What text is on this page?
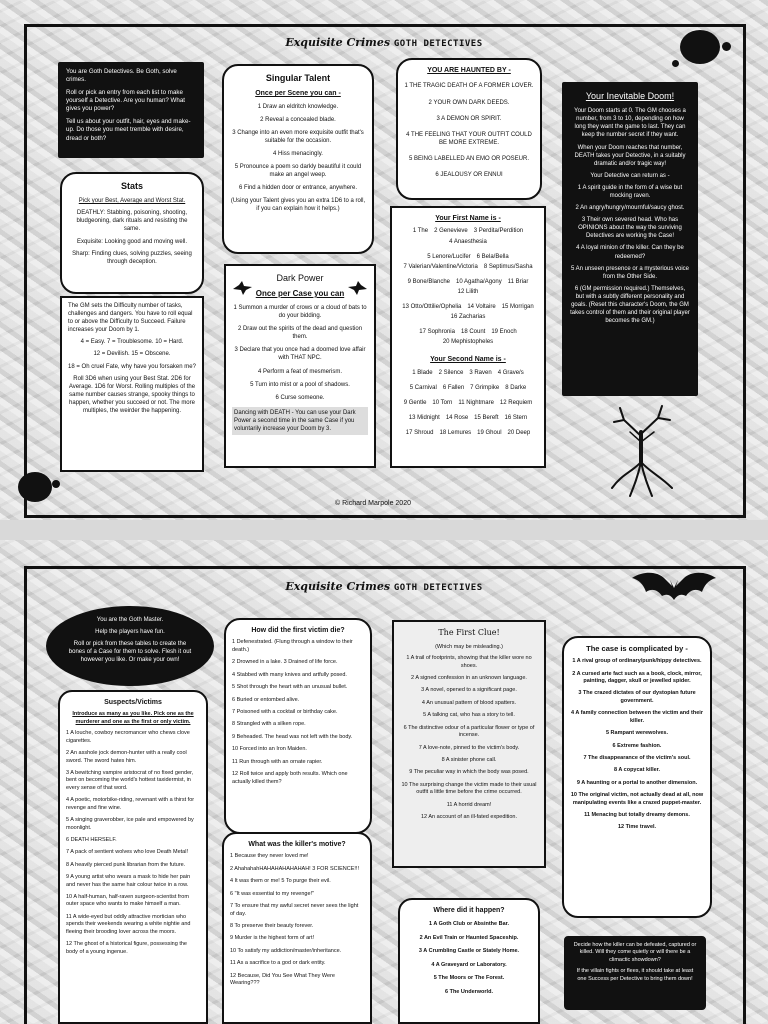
Exquisite Crimes GOTH DETECTIVES

You are Goth Detectives. Be Goth, solve crimes.

Roll or pick an entry from each list to make yourself a Detective. Are you human? What gives you power?

Tell us about your outfit, hair, eyes and make-up. Do those you meet tremble with desire, dread or both?

Stats

Pick your Best, Average and Worst Stat.

DEATHLY: Stabbing, poisoning, shooting, bludgeoning, dark rituals and resisting the same.

Exquisite: Looking good and moving well.

Sharp: Finding clues, solving puzzles, seeing through deception.

The GM sets the Difficulty number of tasks, challenges and dangers. You have to roll equal to or above the Difficulty to Succeed. Failure increases your Doom by 1.

4 = Easy. 7 = Troublesome. 10 = Hard.

12 = Devilish. 15 = Obscene.

18 = Oh cruel Fate, why have you forsaken me?

Roll 3D6 when using your Best Stat. 2D6 for Average. 1D6 for Worst. Rolling multiples of the same number causes strange, spooky things to happen, whether you succeed or not. The more multiples, the weirder the happening.

Singular Talent
Once per Scene you can -
1 Draw an eldritch knowledge.
2 Reveal a concealed blade.
3 Change into an even more exquisite outfit that's suitable for the occasion.
4 Hiss menacingly.
5 Pronounce a poem so darkly beautiful it could make an angel weep.
6 Find a hidden door or entrance, anywhere.
(Using your Talent gives you an extra 1D6 to a roll, if you can explain how it helps.)
Dark Power
Once per Case you can
1 Summon a murder of crows or a cloud of bats to do your bidding.
2 Draw out the spirits of the dead and question them.
3 Declare that you once had a doomed love affair with THAT NPC.
4 Perform a feat of mesmerism.
5 Turn into mist or a pool of shadows.
6 Curse someone.
Dancing with DEATH - You can use your Dark Power a second time in the same Case if you voluntarily increase your Doom by 3.
YOU ARE HAUNTED BY -
1 THE TRAGIC DEATH OF A FORMER LOVER.
2 YOUR OWN DARK DEEDS.
3 A DEMON OR SPIRIT.
4 THE FEELING THAT YOUR OUTFIT COULD BE MORE EXTREME.
5 BEING LABELLED AN EMO OR POSEUR.
6 JEALOUSY OR ENNUI
Your First Name is -
1 The 2 Genevieve 3 Perdita/Perdition
4 Anaesthesia
5 Lenore/Lucifer 6 Bela/Bella
7 Valerian/Valentine/Victoria 8 Septimus/Sasha
9 Bone/Blanche 10 Agatha/Agony 11 Briar
12 Lilith
13 Otto/Ottilie/Ophelia 14 Voltaire 15 Morrigan
16 Zacharias
17 Sophronia 18 Count 19 Enoch
20 Mephistopheles
Your Second Name is -
1 Blade 2 Silence 3 Raven 4 Grave/s
5 Carnival 6 Fallen 7 Grimpike 8 Darke
9 Gentle 10 Torn 11 Nightmare 12 Requiem
13 Midnight 14 Rose 15 Bereft 16 Stern
17 Shroud 18 Lemures 19 Ghoul 20 Deep
Your Inevitable Doom!

Your Doom starts at 0. The GM chooses a number, from 3 to 10, depending on how long they want the game to last. They can keep the number secret if they want.

When your Doom reaches that number, DEATH takes your Detective, in a suitably dramatic and/or tragic way!

Your Detective can return as -

1 A spirit guide in the form of a wise but mocking raven.

2 An angry/hungry/mournful/saucy ghost.

3 Their own severed head. Who has OPINIONS about the way the surviving Detectives are working the Case!

4 A loyal minion of the killer. Can they be redeemed?

5 An unseen presence or a mysterious voice from the Other Side.

6 (GM permission required.) Themselves, but with a subtly different personality and goals. (Reset this character's Doom, the GM takes control of them and their original player becomes the GM.)

© Richard Marpole 2020
Exquisite Crimes GOTH DETECTIVES

You are the Goth Master.

Help the players have fun.

Roll or pick from these tables to create the bones of a Case for them to solve. Flesh it out however you like. Or make your own!

Suspects/Victims

Introduce as many as you like. Pick one as the murderer and one as the first or only victim.

1 A louche, cowboy necromancer who chews clove cigarettes.
2 An asshole jock demon-hunter with a really cool sword. The sword hates him.
3 A bewitching vampire aristocrat of no fixed gender, bent on becoming the world's hottest taxidermist, in every sense of that word.
4 A poetic, motorbike-riding, revenant with a thirst for revenge and fine wine.
5 A singing graverobber, ice pale and empowered by moonlight.
6 DEATH HERSELF.
7 A pack of sentient wolves who love Death Metal!
8 A heavily pierced punk librarian from the future.
9 A young artist who wears a mask to hide her pain and never has the same hair colour twice in a row.
10 A half-human, half-raven surgeon-scientist from outer space who wants to make himself a man.
11 A wide-eyed but oddly attractive mortician who spends their weekends wearing a white nightie and fleeing their brooding lover across the moors.
12 The ghost of a historical figure, possessing the body of a young ingenue.
How did the first victim die?
1 Defenestrated. (Flung through a window to their death.)
2 Drowned in a lake. 3 Drained of life force.
4 Stabbed with many knives and artfully posed.
5 Shot through the heart with an unusual bullet.
6 Buried or entombed alive.
7 Poisoned with a cocktail or birthday cake.
8 Strangled with a silken rope.
9 Beheaded. The head was not left with the body.
10 Forced into an Iron Maiden.
11 Run through with an ornate rapier.
12 Roll twice and apply both results. Which one actually killed them?
What was the killer's motive?
1 Because they never loved me!
2 AhahahahHAHAHAHAHAHAH! 3 FOR SCIENCE!!!
4 It was them or me! 5 To purge their evil.
6 "It was essential to my revenge!"
7 To ensure that my awful secret never sees the light of day.
8 To preserve their beauty forever.
9 Murder is the highest form of art!
10 To satisfy my addiction/master/inheritance.
11 As a sacrifice to a god or dark entity.
12 Because, Did You See What They Were Wearing???
The First Clue!

(Which may be misleading.)

1 A trail of footprints, showing that the killer wore no shoes.
2 A signed confession in an unknown language.
3 A novel, opened to a significant page.
4 An unusual pattern of blood spatters.
5 A talking cat, who has a story to tell.
6 The distinctive odour of a particular flower or type of incense.
7 A love-note, pinned to the victim's body.
8 A sinister phone call.
9 The peculiar way in which the body was posed.
10 The surprising change the victim made to their usual outfit a little time before the crime occurred.
11 A horrid dream!
12 An account of an ill-fated expedition.
Where did it happen?
1 A Goth Club or Absinthe Bar.
2 An Evil Train or Haunted Spaceship.
3 A Crumbling Castle or Stately Home.
4 A Graveyard or Laboratory.
5 The Moors or The Forest.
6 The Underworld.
The case is complicated by -
1 A rival group of ordinary/punk/hippy detectives.
2 A cursed arte fact such as a book, clock, mirror, painting, dagger, skull or jewelled spider.
3 The crazed dictates of our dystopian future government.
4 A family connection between the victim and their killer.
5 Rampant werewolves.
6 Extreme fashion.
7 The disappearance of the victim's soul.
8 A copycat killer.
9 A haunting or a portal to another dimension.
10 The original victim, not actually dead at all, now manipulating events like a crazed puppet-master.
11 Menacing but totally dreamy demons.
12 Time travel.

Decide how the killer can be defeated, captured or killed. Will they come quietly or will there be a climactic showdown?

If the villain fights or flees, it should take at least one Success per Detective to bring them down!
